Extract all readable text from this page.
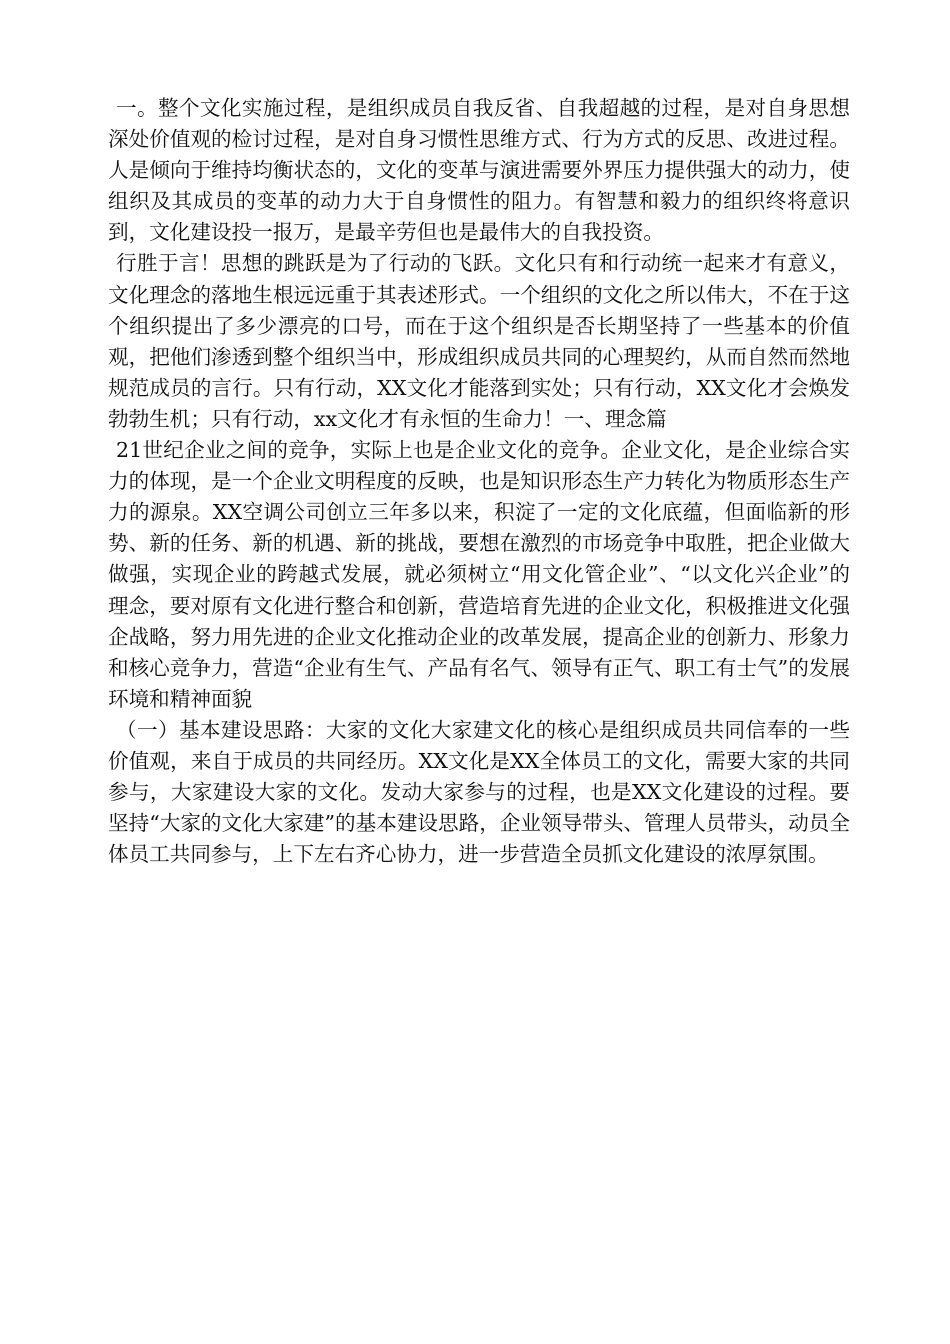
一。整个文化实施过程，是组织成员自我反省、自我超越的过程，是对自身思想深处价值观的检讨过程，是对自身习惯性思维方式、行为方式的反思、改进过程。人是倾向于维持均衡状态的，文化的变革与演进需要外界压力提供强大的动力，使组织及其成员的变革的动力大于自身惯性的阻力。有智慧和毅力的组织终将意识到，文化建设投一报万，是最辛劳但也是最伟大的自我投资。

行胜于言！思想的跳跃是为了行动的飞跃。文化只有和行动统一起来才有意义，文化理念的落地生根远远重于其表述形式。一个组织的文化之所以伟大，不在于这个组织提出了多少漂亮的口号，而在于这个组织是否长期坚持了一些基本的价值观，把他们渗透到整个组织当中，形成组织成员共同的心理契约，从而自然而然地规范成员的言行。只有行动，XX文化才能落到实处；只有行动，XX文化才会焕发勃勃生机；只有行动，xx文化才有永恒的生命力！一、理念篇

21世纪企业之间的竞争，实际上也是企业文化的竞争。企业文化，是企业综合实力的体现，是一个企业文明程度的反映，也是知识形态生产力转化为物质形态生产力的源泉。XX空调公司创立三年多以来，积淀了一定的文化底蕴，但面临新的形势、新的任务、新的机遇、新的挑战，要想在激烈的市场竞争中取胜，把企业做大做强，实现企业的跨越式发展，就必须树立“用文化管企业”、“以文化兴企业”的理念，要对原有文化进行整合和创新，营造培育先进的企业文化，积极推进文化强企战略，努力用先进的企业文化推动企业的改革发展，提高企业的创新力、形象力和核心竞争力，营造“企业有生气、产品有名气、领导有正气、职工有士气”的发展环境和精神面貌

（一）基本建设思路：大家的文化大家建文化的核心是组织成员共同信奉的一些价值观，来自于成员的共同经历。XX文化是XX全体员工的文化，需要大家的共同参与，大家建设大家的文化。发动大家参与的过程，也是XX文化建设的过程。要坚持“大家的文化大家建”的基本建设思路，企业领导带头、管理人员带头，动员全体员工共同参与，上下左右齐心协力，进一步营造全员抓文化建设的浓厚氛围。
